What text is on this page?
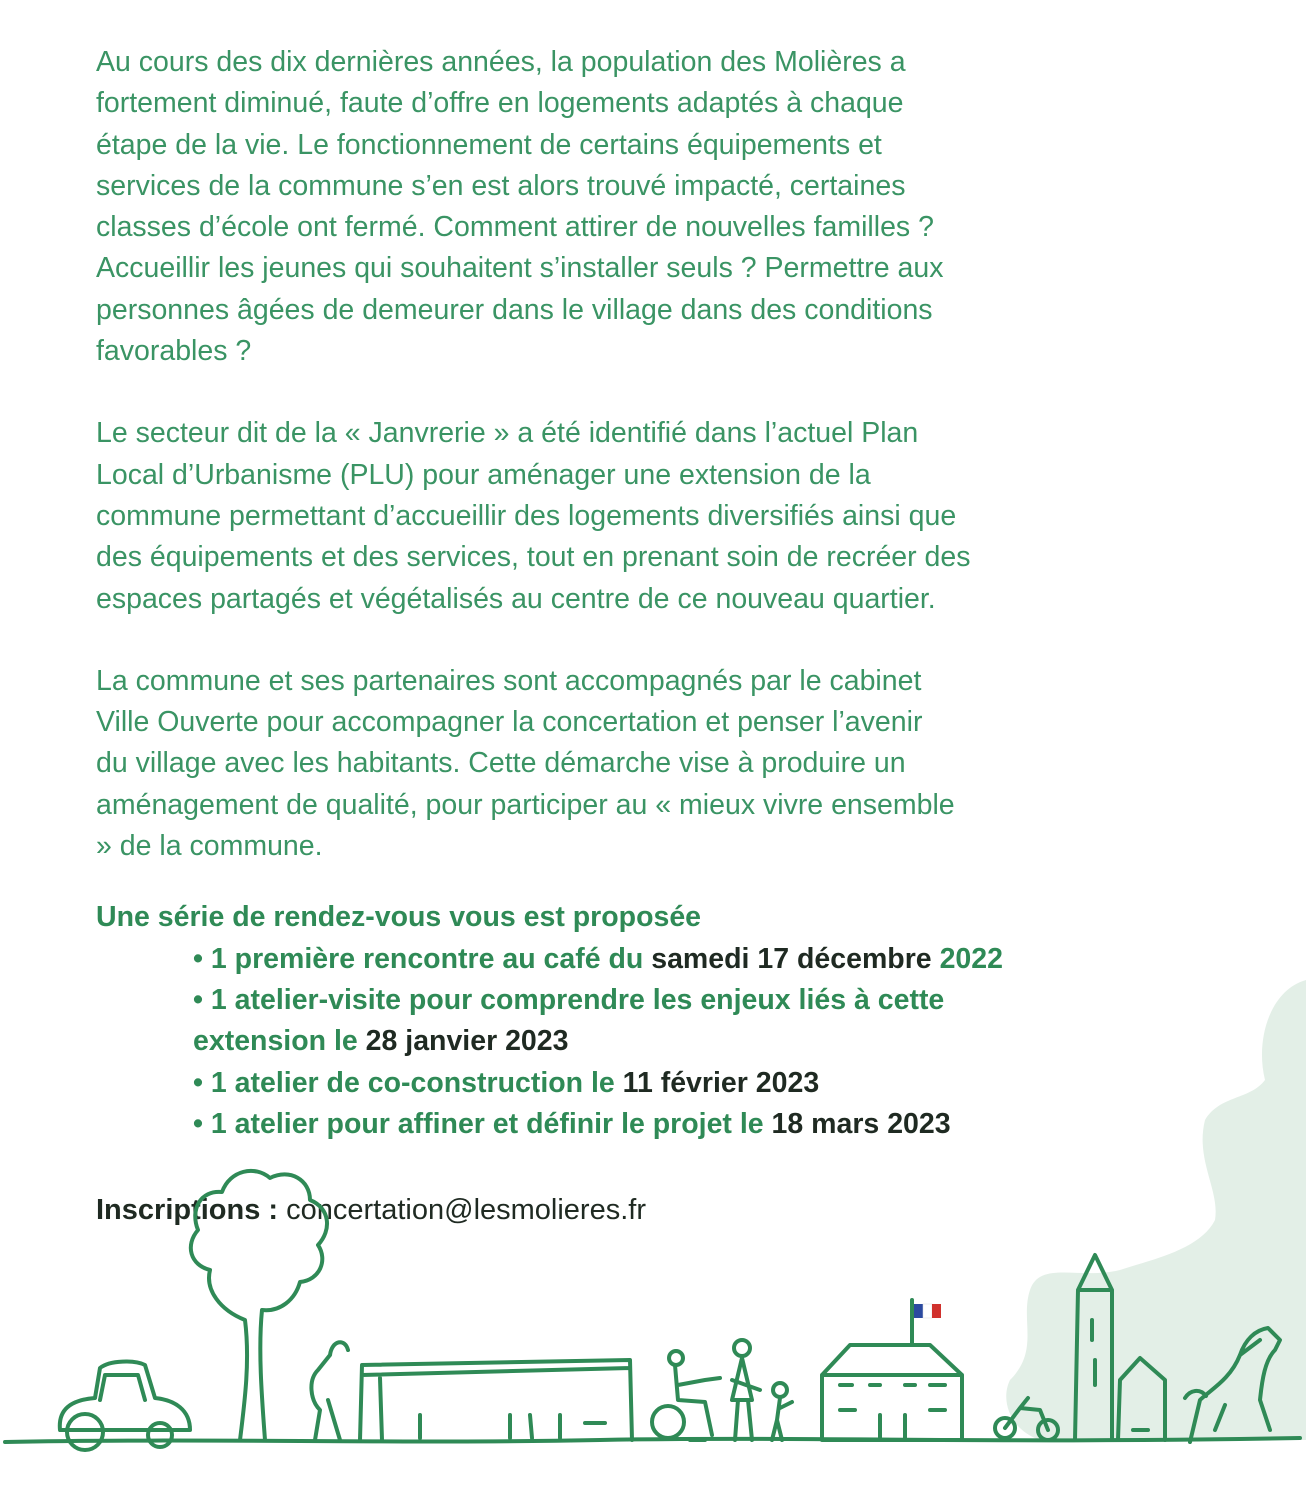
Au cours des dix dernières années, la population des Molières a
fortement diminué, faute d’offre en logements adaptés à chaque
étape de la vie. Le fonctionnement de certains équipements et
services de la commune s’en est alors trouvé impacté, certaines
classes d’école ont fermé. Comment attirer de nouvelles familles ?
Accueillir les jeunes qui souhaitent s’installer seuls ? Permettre aux
personnes âgées de demeurer dans le village dans des conditions
favorables ?

Le secteur dit de la « Janvrerie » a été identifié dans l’actuel Plan
Local d’Urbanisme (PLU) pour aménager une extension de la
commune permettant d’accueillir des logements diversifiés ainsi que
des équipements et des services, tout en prenant soin de recréer des
espaces partagés et végétalisés au centre de ce nouveau quartier.

La commune et ses partenaires sont accompagnés par le cabinet
Ville Ouverte pour accompagner la concertation et penser l’avenir
du village avec les habitants. Cette démarche vise à produire un
aménagement de qualité, pour participer au « mieux vivre ensemble
» de la commune.

Une série de rendez-vous vous est proposée

• 1 première rencontre au café du samedi 17 décembre 2022
• 1 atelier-visite pour comprendre les enjeux liés à cette
extension le 28 janvier 2023
• 1 atelier de co-construction le 11 février 2023
• 1 atelier pour affiner et définir le projet le 18 mars 2023
Inscriptions : concertation@lesmolieres.fr
